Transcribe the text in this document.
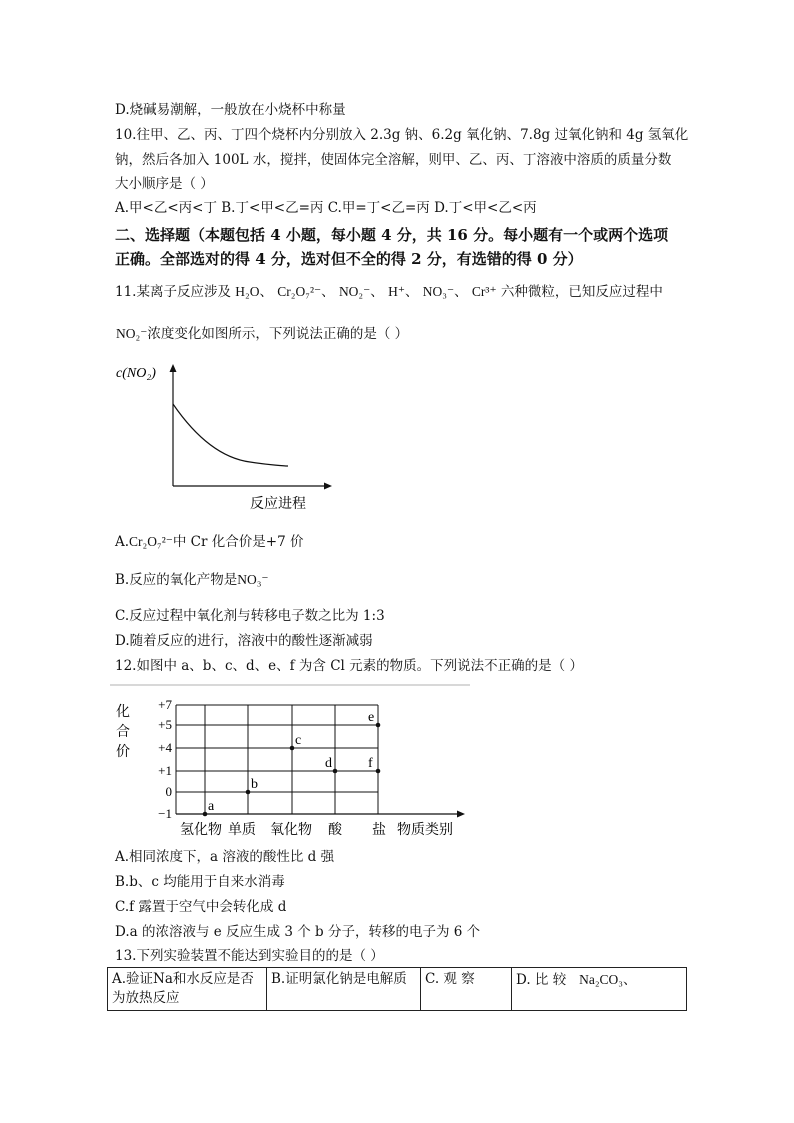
D.烧碱易潮解，一般放在小烧杯中称量
10.往甲、乙、丙、丁四个烧杯内分别放入 2.3g 钠、6.2g 氧化钠、7.8g 过氧化钠和 4g 氢氧化
钠，然后各加入 100L 水，搅拌，使固体完全溶解，则甲、乙、丙、丁溶液中溶质的质量分数
大小顺序是（ ）
A.甲<乙<丙<丁 B.丁<甲<乙=丙 C.甲=丁<乙=丙 D.丁<甲<乙<丙
二、选择题（本题包括 4 小题，每小题 4 分，共 16 分。每小题有一个或两个选项
正确。全部选对的得 4 分，选对但不全的得 2 分，有选错的得 0 分）
11.某离子反应涉及 H₂O、 Cr₂O₇²⁻、 NO₂⁻、 H⁺、 NO₃⁻、 Cr³⁺ 六种微粒，已知反应过程中
NO₂⁻浓度变化如图所示，下列说法正确的是（ ）
c(NO₂)
反应进程
A.Cr₂O₇²⁻中 Cr 化合价是+7 价
B.反应的氧化产物是NO₃⁻
C.反应过程中氧化剂与转移电子数之比为 1:3
D.随着反应的进行，溶液中的酸性逐渐减弱
12.如图中 a、b、c、d、e、f 为含 Cl 元素的物质。下列说法不正确的是（ ）
化
合
价
+7
+5
+4
+1
0
−1
氢化物 单质 氧化物 酸 盐 物质类别
a
b
c
d
e
f
A.相同浓度下，a 溶液的酸性比 d 强
B.b、c 均能用于自来水消毒
C.f 露置于空气中会转化成 d
D.a 的浓溶液与 e 反应生成 3 个 b 分子，转移的电子为 6 个
13.下列实验装置不能达到实验目的的是（ ）
A.验证Na和水反应是否为放热反应	B.证明氯化钠是电解质	C. 观 察	D. 比 较 Na₂CO₃、
